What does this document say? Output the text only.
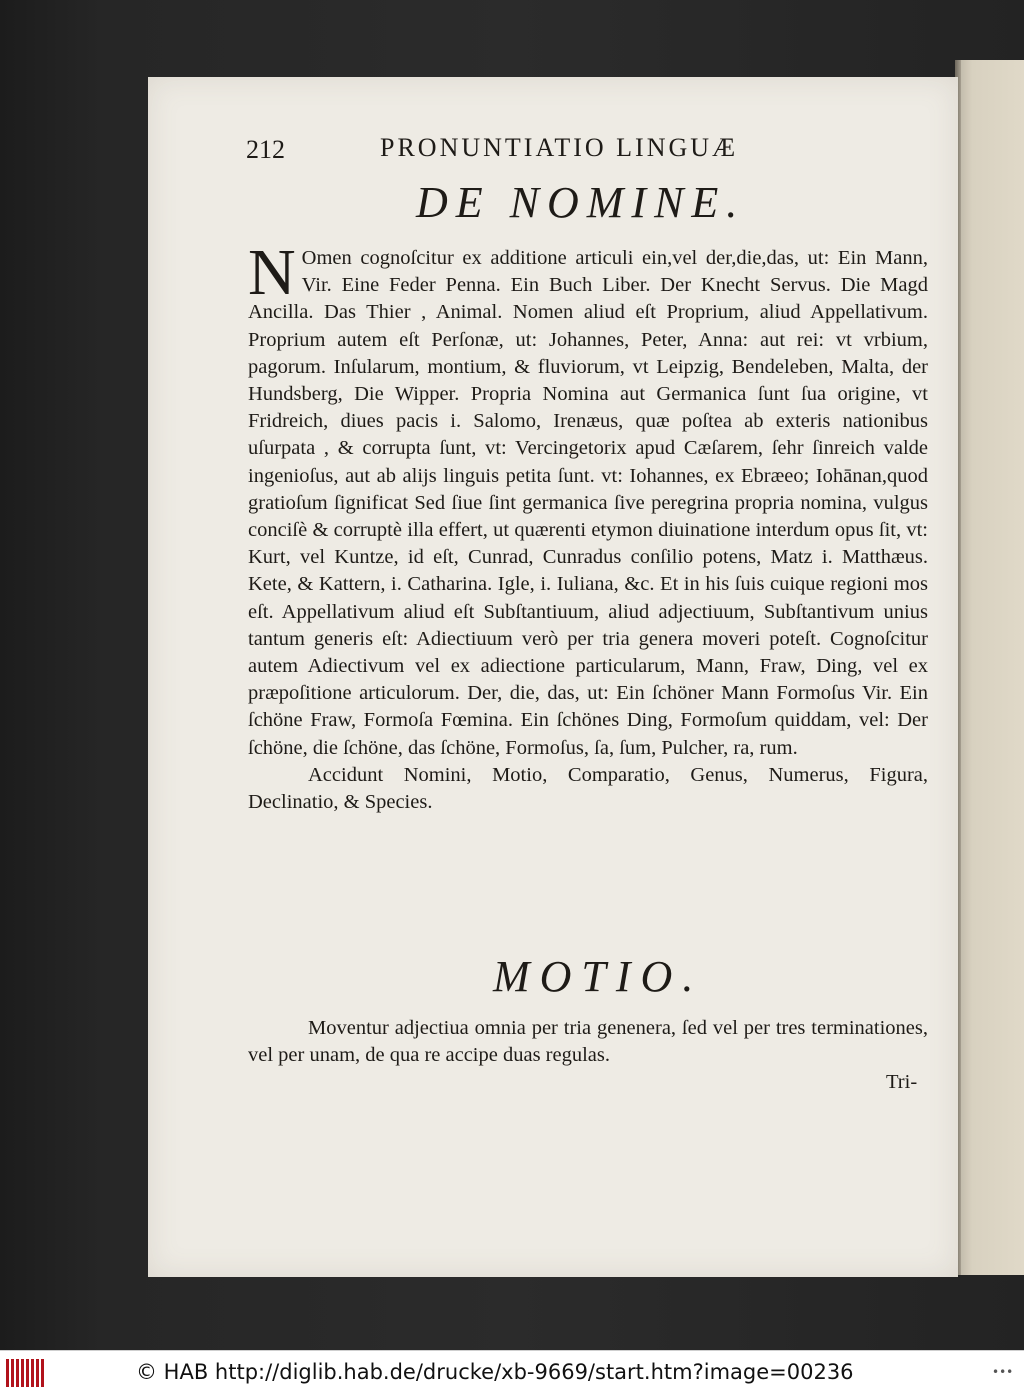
212	PRONUNTIATIO LINGUÆ
DE NOMINE.

N Omen cognoſcitur ex additione articuli ein,vel der,die,das, ut: Ein Mann, Vir. Eine Feder Penna. Ein Buch Liber. Der Knecht Servus. Die Magd Ancilla. Das Thier , Animal. Nomen aliud eſt Proprium, aliud Appellativum. Proprium autem eſt Perſonæ, ut: Johannes, Peter, Anna: aut rei: vt vrbium, pagorum. Inſularum, montium, & fluviorum, vt Leipzig, Bendeleben, Malta, der Hundsberg, Die Wipper. Propria Nomina aut Germanica ſunt ſua origine, vt Fridreich, diues pacis i. Salomo, Irenæus, quæ poſtea ab exteris nationibus uſurpata , & corrupta ſunt, vt: Vercingetorix apud Cæſarem, ſehr ſinreich valde ingenioſus, aut ab alijs linguis petita ſunt. vt: Iohannes, ex Ebræeo; Iohānan,quod gratioſum ſignificat Sed ſiue ſint germanica ſive peregrina propria nomina, vulgus conciſè & corruptè illa effert, ut quærenti etymon diuinatione interdum opus ſit, vt: Kurt, vel Kuntze, id eſt, Cunrad, Cunradus conſilio potens, Matz i. Matthæus. Kete, & Kattern, i. Catharina. Igle, i. Iuliana, &c. Et in his ſuis cuique regioni mos eſt. Appellativum aliud eſt Subſtantiuum, aliud adjectiuum, Subſtantivum unius tantum generis eſt: Adiectiuum verò per tria genera moveri poteſt. Cognoſcitur autem Adiectivum vel ex adiectione particularum, Mann, Fraw, Ding, vel ex præpoſitione articulorum. Der, die, das, ut: Ein ſchöner Mann Formoſus Vir. Ein ſchöne Fraw, Formoſa Fœmina. Ein ſchönes Ding, Formoſum quiddam, vel: Der ſchöne, die ſchöne, das ſchöne, Formoſus, ſa, ſum, Pulcher, ra, rum.

Accidunt Nomini, Motio, Comparatio, Genus, Numerus, Figura, Declinatio, & Species.

MOTIO.

Moventur adjectiua omnia per tria genenera, ſed vel per tres terminationes, vel per unam, de qua re accipe duas regulas.

Tri-
© HAB http://diglib.hab.de/drucke/xb-9669/start.htm?image=00236	•••
